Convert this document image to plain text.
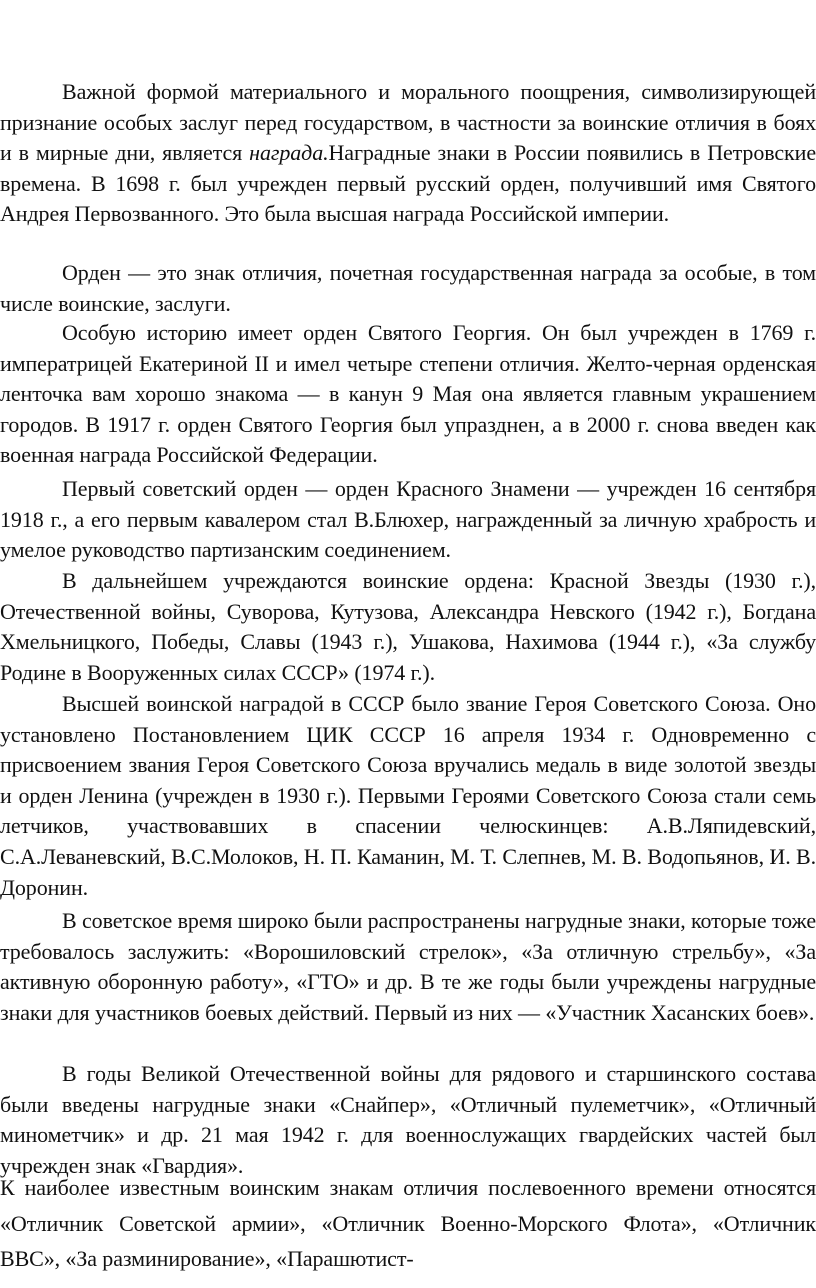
Важной формой материального и морального поощрения, символизирующей признание особых заслуг перед государством, в частности за воинские отличия в боях и в мирные дни, является награда.Наградные знаки в России появились в Петровские времена. В 1698 г. был учрежден первый русский орден, получивший имя Святого Андрея Первозванного. Это была высшая награда Российской империи.

Орден — это знак отличия, почетная государственная награда за особые, в том числе воинские, заслуги.

Особую историю имеет орден Святого Георгия. Он был учрежден в 1769 г. императрицей Екатериной II и имел четыре степени отличия. Желто-черная орденская ленточка вам хорошо знакома — в канун 9 Мая она является главным украшением городов. В 1917 г. орден Святого Георгия был упразднен, а в 2000 г. снова введен как военная награда Российской Федерации.

Первый советский орден — орден Красного Знамени — учрежден 16 сентября 1918 г., а его первым кавалером стал В.Блюхер, награжденный за личную храбрость и умелое руководство партизанским соединением.

В дальнейшем учреждаются воинские ордена: Красной Звезды (1930 г.), Отечественной войны, Суворова, Кутузова, Александра Невского (1942 г.), Богдана Хмельницкого, Победы, Славы (1943 г.), Ушакова, Нахимова (1944 г.), «За службу Родине в Вооруженных силах СССР» (1974 г.).

Высшей воинской наградой в СССР было звание Героя Советского Союза. Оно установлено Постановлением ЦИК СССР 16 апреля 1934 г. Одновременно с присвоением звания Героя Советского Союза вручались медаль в виде золотой звезды и орден Ленина (учрежден в 1930 г.). Первыми Героями Советского Союза стали семь летчиков, участвовавших в спасении челюскинцев: А.В.Ляпидевский, С.А.Леваневский, В.С.Молоков, Н. П. Каманин, М. Т. Слепнев, М. В. Водопьянов, И. В. Доронин.

В советское время широко были распространены нагрудные знаки, которые тоже требовалось заслужить: «Ворошиловский стрелок», «За отличную стрельбу», «За активную оборонную работу», «ГТО» и др. В те же годы были учреждены нагрудные знаки для участников боевых действий. Первый из них — «Участник Хасанских боев».

В годы Великой Отечественной войны для рядового и старшинского состава были введены нагрудные знаки «Снайпер», «Отличный пулеметчик», «Отличный минометчик» и др. 21 мая 1942 г. для военнослужащих гвардейских частей был учрежден знак «Гвардия».

К наиболее известным воинским знакам отличия послевоенного времени относятся «Отличник Советской армии», «Отличник Военно-Морского Флота», «Отличник ВВС», «За разминирование», «Парашютист-
